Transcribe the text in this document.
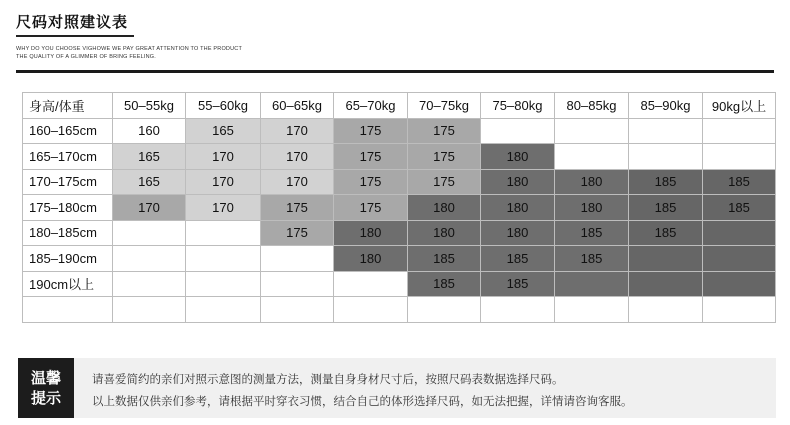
尺码对照建议表
WHY DO YOU CHOOSE VIGHOWE WE PAY GREAT ATTENTION TO THE PRODUCT
THE QUALITY OF A GLIMMER OF BRING FEELING.
身高/体重	50–55kg	55–60kg	60–65kg	65–70kg	70–75kg	75–80kg	80–85kg	85–90kg	90kg以上
160–165cm	160	165	170	175	175				
165–170cm	165	170	170	175	175	180			
170–175cm	165	170	170	175	175	180	180	185	185
175–180cm	170	170	175	175	180	180	180	185	185
180–185cm			175	180	180	180	185	185	
185–190cm				180	185	185	185		
190cm以上					185	185			

温馨
提示
请喜爱简约的亲们对照示意图的测量方法，测量自身身材尺寸后，按照尺码表数据选择尺码。
以上数据仅供亲们参考，请根据平时穿衣习惯，结合自己的体形选择尺码，如无法把握，详情请咨询客服。
